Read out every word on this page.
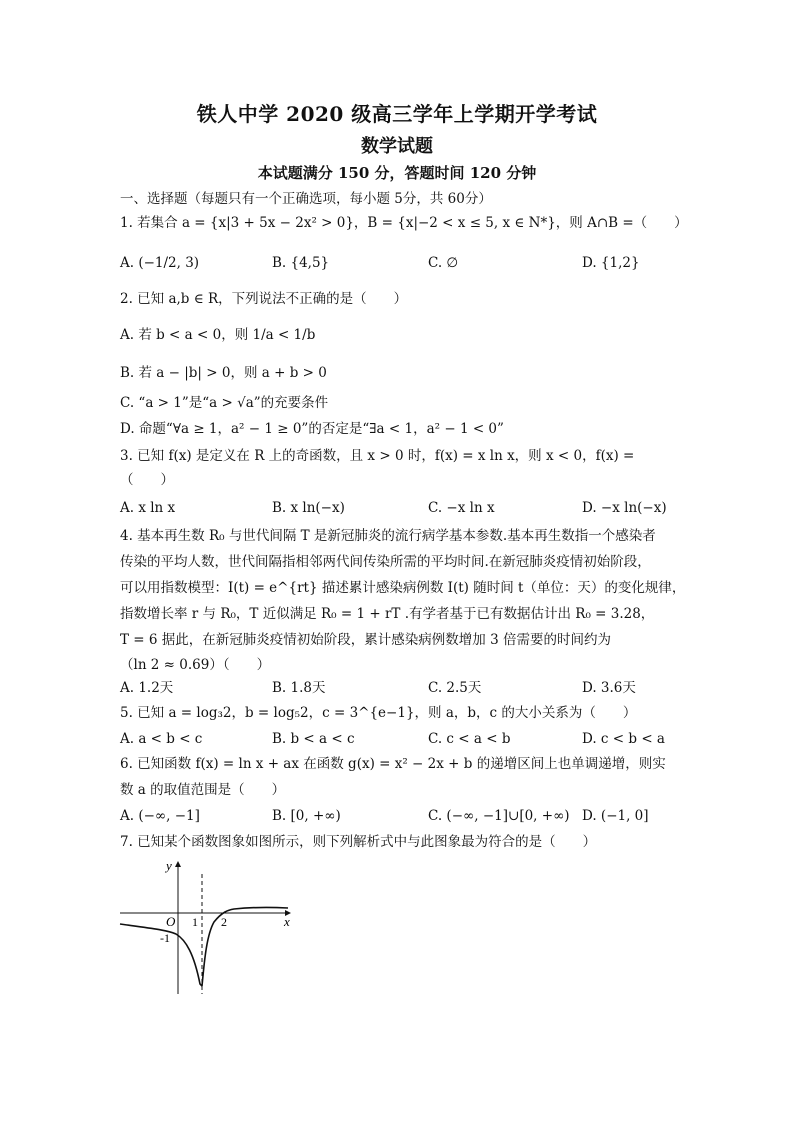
铁人中学 2020 级高三学年上学期开学考试
数学试题
本试题满分 150 分，答题时间 120 分钟
一、选择题（每题只有一个正确选项，每小题 5分，共 60分）
1. 若集合 a = {x|3 + 5x − 2x² > 0}，B = {x|−2 < x ≤ 5, x ∈ N*}，则 A∩B =（　　）
A. (−1/2, 3)	B. {4,5}	C. ∅	D. {1,2}
2. 已知 a,b ∈ R，下列说法不正确的是（　　）
A. 若 b < a < 0，则 1/a < 1/b
B. 若 a − |b| > 0，则 a + b > 0
C. “a > 1”是“a > √a”的充要条件
D. 命题“∀a ≥ 1，a² − 1 ≥ 0”的否定是“∃a < 1，a² − 1 < 0”
3. 已知 f(x) 是定义在 R 上的奇函数，且 x > 0 时，f(x) = x ln x，则 x < 0，f(x) =
（　　）
A. x ln x	B. x ln(−x)	C. −x ln x	D. −x ln(−x)
4. 基本再生数 R₀ 与世代间隔 T 是新冠肺炎的流行病学基本参数.基本再生数指一个感染者
传染的平均人数，世代间隔指相邻两代间传染所需的平均时间.在新冠肺炎疫情初始阶段，
可以用指数模型：I(t) = e^{rt} 描述累计感染病例数 I(t) 随时间 t（单位：天）的变化规律，
指数增长率 r 与 R₀，T 近似满足 R₀ = 1 + rT .有学者基于已有数据估计出 R₀ = 3.28，
T = 6 据此，在新冠肺炎疫情初始阶段，累计感染病例数增加 3 倍需要的时间约为
（ln 2 ≈ 0.69）（　　）
A. 1.2天	B. 1.8天	C. 2.5天	D. 3.6天
5. 已知 a = log₃2，b = log₅2，c = 3^{e−1}，则 a，b，c 的大小关系为（　　）
A. a < b < c	B. b < a < c	C. c < a < b	D. c < b < a
6. 已知函数 f(x) = ln x + ax 在函数 g(x) = x² − 2x + b 的递增区间上也单调递增，则实
数 a 的取值范围是（　　）
A. (−∞, −1]	B. [0, +∞)	C. (−∞, −1]∪[0, +∞) D. (−1, 0]
7. 已知某个函数图象如图所示，则下列解析式中与此图象最为符合的是（　　）
y
x
O 1 2
-1
